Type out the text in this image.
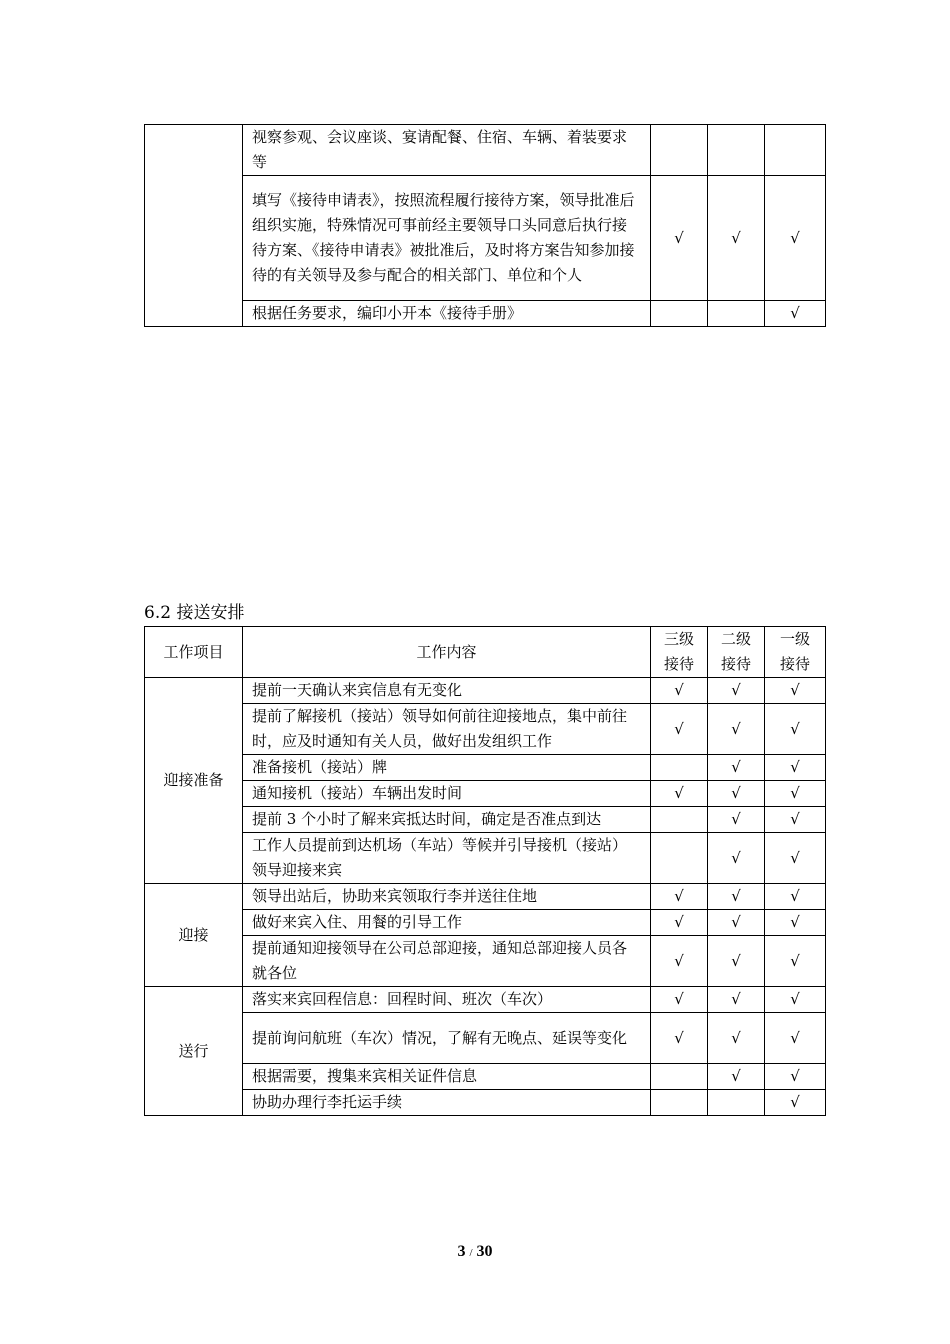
	视察参观、会议座谈、宴请配餐、住宿、车辆、着装要求等			
	填写《接待申请表》，按照流程履行接待方案，领导批准后组织实施，特殊情况可事前经主要领导口头同意后执行接待方案、《接待申请表》被批准后，及时将方案告知参加接待的有关领导及参与配合的相关部门、单位和个人	√	√	√
	根据任务要求，编印小开本《接待手册》			√
6.2 接送安排
工作项目	工作内容	三级接待	二级接待	一级接待
迎接准备	提前一天确认来宾信息有无变化	√	√	√
	提前了解接机（接站）领导如何前往迎接地点，集中前往时，应及时通知有关人员，做好出发组织工作	√	√	√
	准备接机（接站）牌		√	√
	通知接机（接站）车辆出发时间	√	√	√
	提前 3 个小时了解来宾抵达时间，确定是否准点到达		√	√
	工作人员提前到达机场（车站）等候并引导接机（接站）领导迎接来宾		√	√
迎接	领导出站后，协助来宾领取行李并送往住地	√	√	√
	做好来宾入住、用餐的引导工作	√	√	√
	提前通知迎接领导在公司总部迎接，通知总部迎接人员各就各位	√	√	√
送行	落实来宾回程信息：回程时间、班次（车次）	√	√	√
	提前询问航班（车次）情况，了解有无晚点、延误等变化	√	√	√
	根据需要，搜集来宾相关证件信息		√	√
	协助办理行李托运手续			√
3 / 30
